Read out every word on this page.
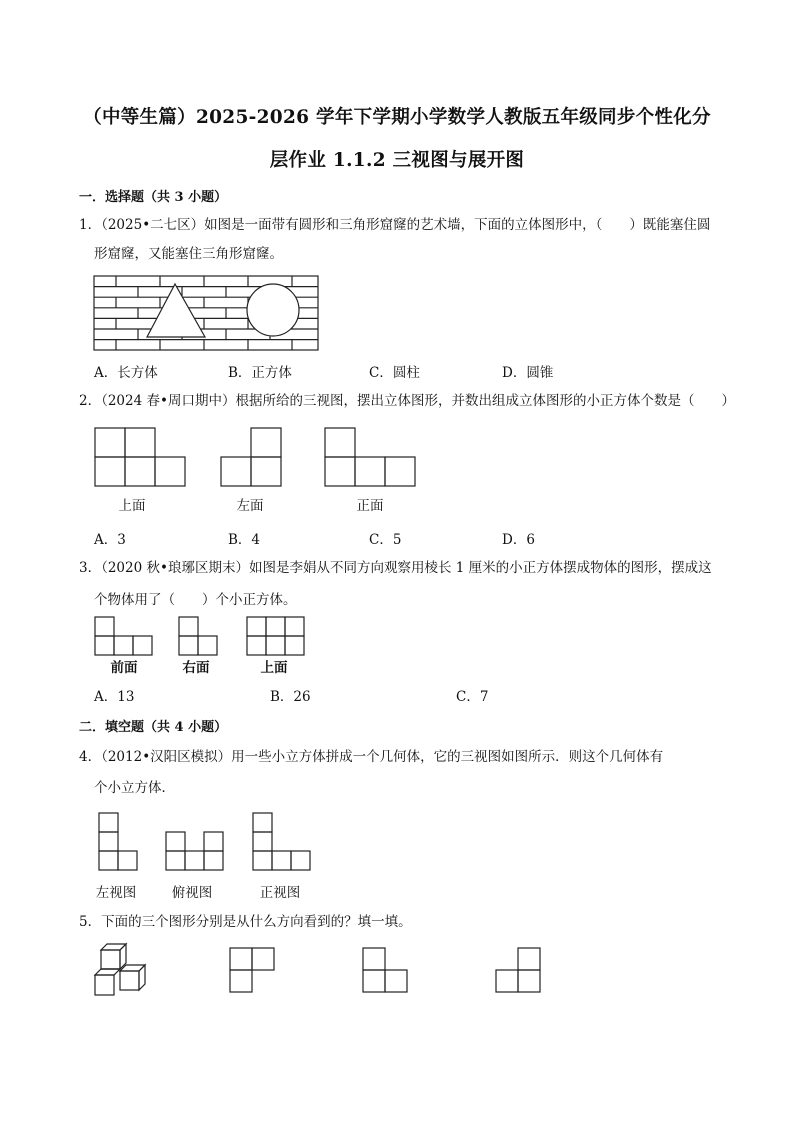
（中等生篇）2025-2026 学年下学期小学数学人教版五年级同步个性化分
层作业 1.1.2 三视图与展开图
一．选择题（共 3 小题）
1．（2025•二七区）如图是一面带有圆形和三角形窟窿的艺术墙，下面的立体图形中，（　　）既能塞住圆
形窟窿，又能塞住三角形窟窿。
A．长方体	B．正方体	C．圆柱	D．圆锥
2．（2024 春•周口期中）根据所给的三视图，摆出立体图形，并数出组成立体图形的小正方体个数是（　　）
上面	左面	正面
A．3	B．4	C．5	D．6
3．（2020 秋•琅琊区期末）如图是李娟从不同方向观察用棱长 1 厘米的小正方体摆成物体的图形，摆成这
个物体用了（　　）个小正方体。
前面	右面	上面
A．13	B．26	C．7
二．填空题（共 4 小题）
4．（2012•汉阳区模拟）用一些小立方体拼成一个几何体，它的三视图如图所示．则这个几何体有
个小立方体．
左视图	俯视图	正视图
5．下面的三个图形分别是从什么方向看到的？填一填。
